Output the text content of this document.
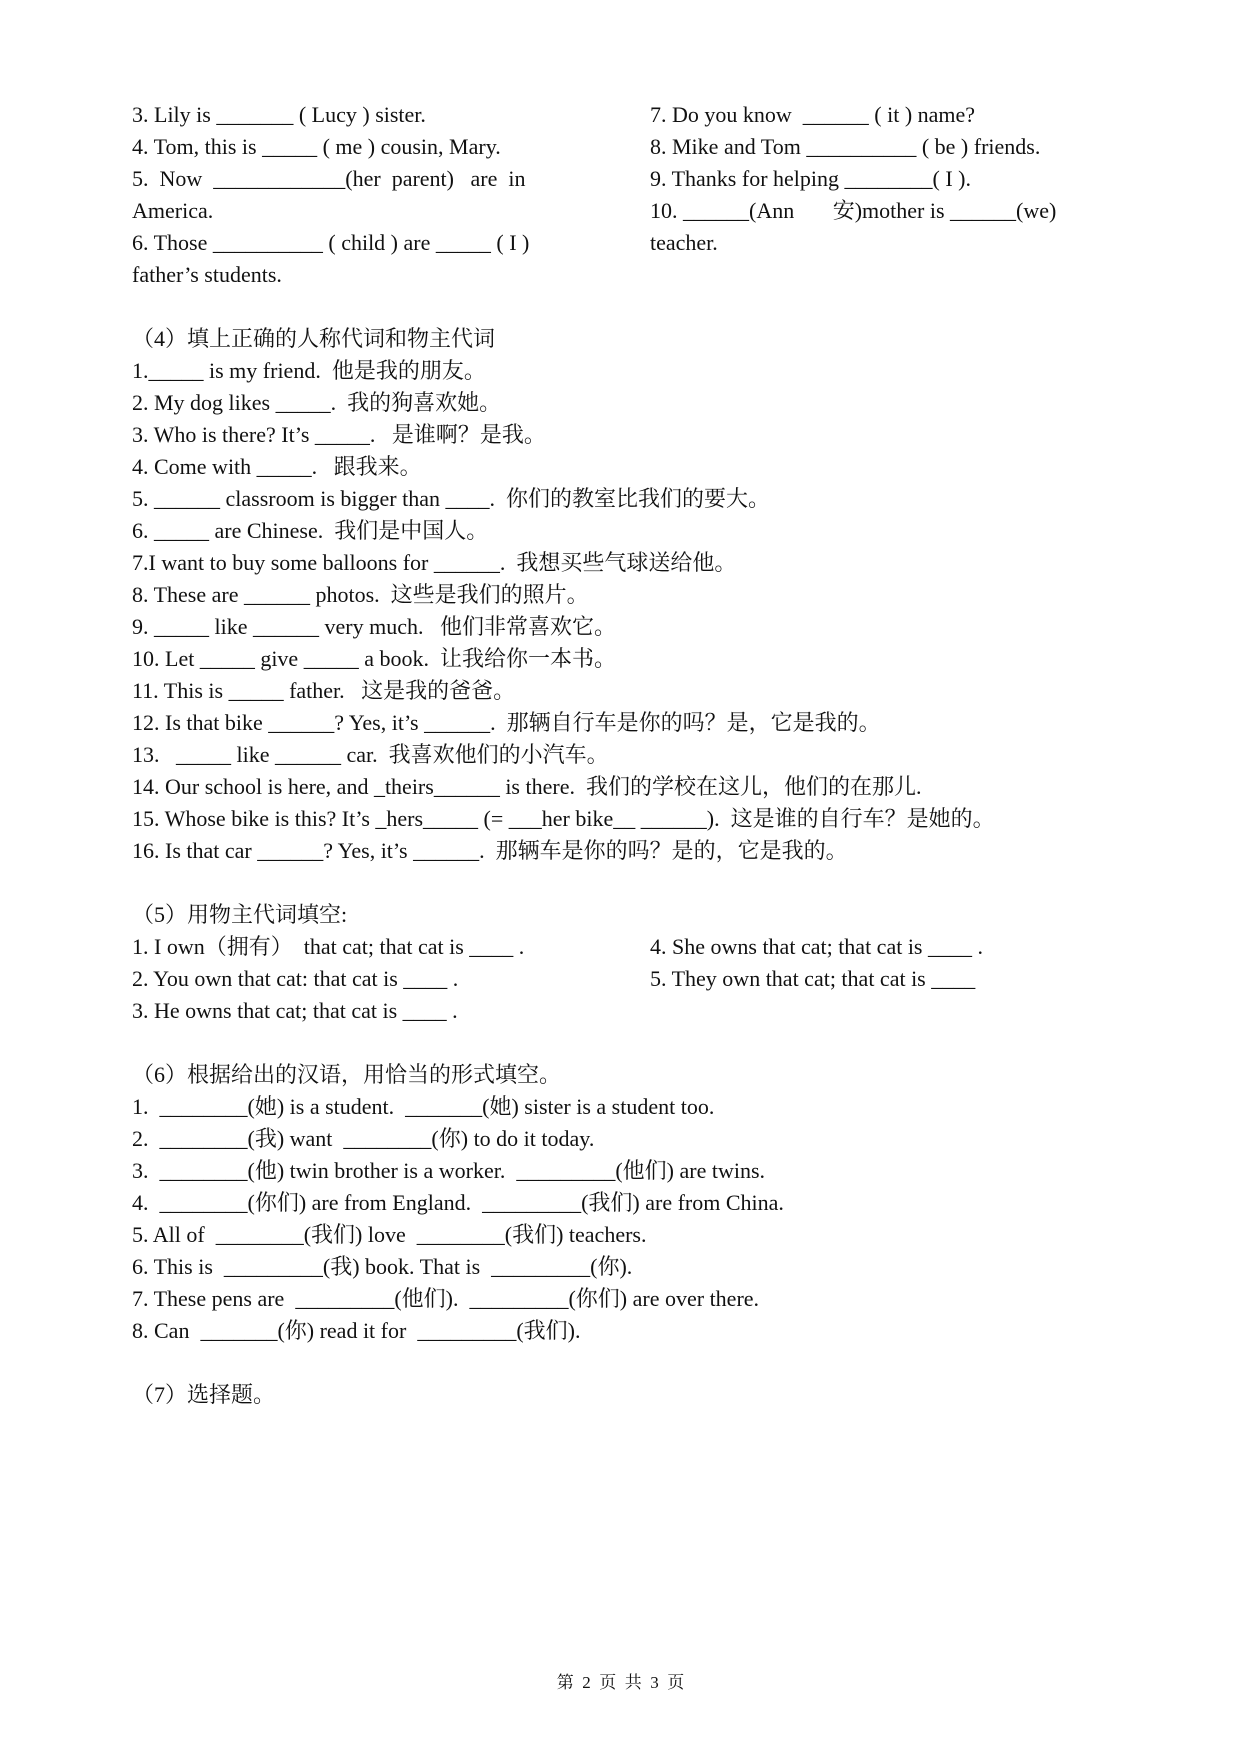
3. Lily is _______ ( Lucy ) sister.
4. Tom, this is _____ ( me ) cousin, Mary.
5.  Now  ____________(her  parent)   are  in
America.
6. Those __________ ( child ) are _____ ( I )
father’s students.
7. Do you know  ______ ( it ) name?
8. Mike and Tom __________ ( be ) friends.
9. Thanks for helping ________( I ).
10. ______(Ann       安)mother is ______(we)
teacher.
（4）填上正确的人称代词和物主代词
1._____ is my friend.  他是我的朋友。
2. My dog likes _____.  我的狗喜欢她。
3. Who is there? It’s _____.   是谁啊？是我。
4. Come with _____.   跟我来。
5. ______ classroom is bigger than ____.  你们的教室比我们的要大。
6. _____ are Chinese.  我们是中国人。
7.I want to buy some balloons for ______.  我想买些气球送给他。
8. These are ______ photos.  这些是我们的照片。
9. _____ like ______ very much.   他们非常喜欢它。
10. Let _____ give _____ a book.  让我给你一本书。
11. This is _____ father.   这是我的爸爸。
12. Is that bike ______? Yes, it’s ______.  那辆自行车是你的吗？是，它是我的。
13.   _____ like ______ car.  我喜欢他们的小汽车。
14. Our school is here, and _theirs______ is there.  我们的学校在这儿，他们的在那儿.
15. Whose bike is this? It’s _hers_____ (= ___her bike__ ______).  这是谁的自行车？是她的。
16. Is that car ______? Yes, it’s ______.  那辆车是你的吗？是的，它是我的。
（5）用物主代词填空:
1. I own（拥有）  that cat; that cat is ____ .
2. You own that cat: that cat is ____ .
3. He owns that cat; that cat is ____ .
4. She owns that cat; that cat is ____ .
5. They own that cat; that cat is ____
（6）根据给出的汉语，用恰当的形式填空。
1.  ________(她) is a student.  _______(她) sister is a student too.
2.  ________(我) want  ________(你) to do it today.
3.  ________(他) twin brother is a worker.  _________(他们) are twins.
4.  ________(你们) are from England.  _________(我们) are from China.
5. All of  ________(我们) love  ________(我们) teachers.
6. This is  _________(我) book. That is  _________(你).
7. These pens are  _________(他们).  _________(你们) are over there.
8. Can  _______(你) read it for  _________(我们).
（7）选择题。
第  2  页  共  3  页
